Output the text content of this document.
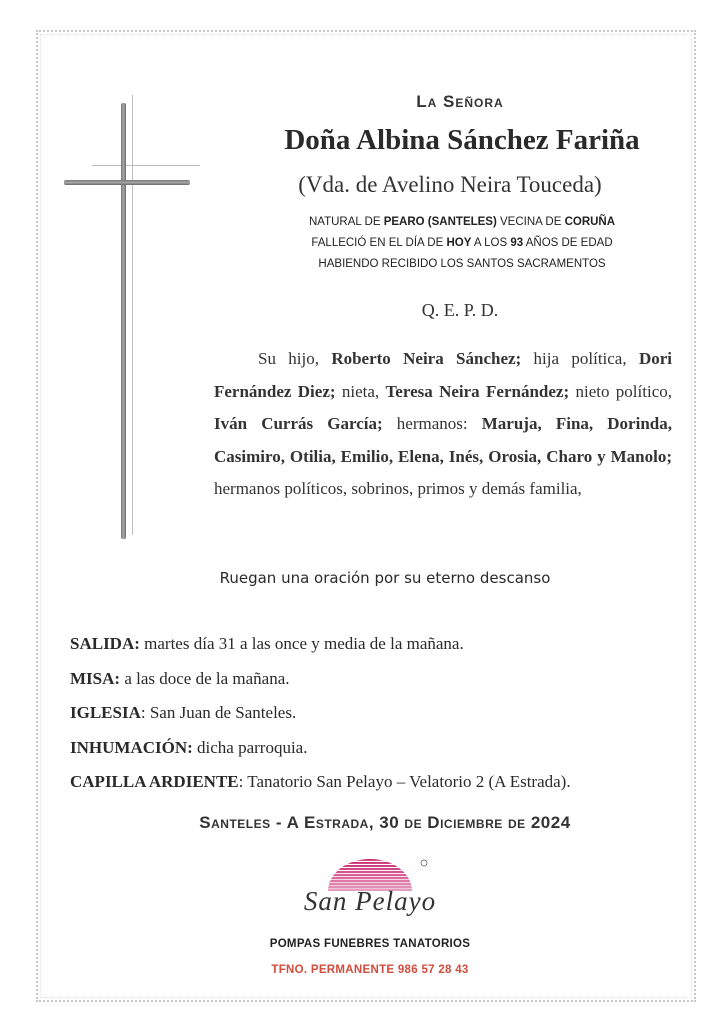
La Señora
Doña Albina Sánchez Fariña
(Vda. de Avelino Neira Touceda)
NATURAL DE PEARO (SANTELES) VECINA DE CORUÑA
FALLECIÓ EN EL DÍA DE HOY A LOS 93 AÑOS DE EDAD
HABIENDO RECIBIDO LOS SANTOS SACRAMENTOS
Q. E. P. D.
Su hijo, Roberto Neira Sánchez; hija política, Dori Fernández Diez; nieta, Teresa Neira Fernández; nieto político, Iván Currás García; hermanos: Maruja, Fina, Dorinda, Casimiro, Otilia, Emilio, Elena, Inés, Orosia, Charo y Manolo; hermanos políticos, sobrinos, primos y demás familia,
Ruegan una oración por su eterno descanso
SALIDA: martes día 31 a las once y media de la mañana.
MISA: a las doce de la mañana.
IGLESIA: San Juan de Santeles.
INHUMACIÓN: dicha parroquia.
CAPILLA ARDIENTE: Tanatorio San Pelayo – Velatorio 2 (A Estrada).
Santeles - A Estrada, 30 de Diciembre de 2024
San Pelayo
POMPAS FUNEBRES TANATORIOS
TFNO. PERMANENTE 986 57 28 43
